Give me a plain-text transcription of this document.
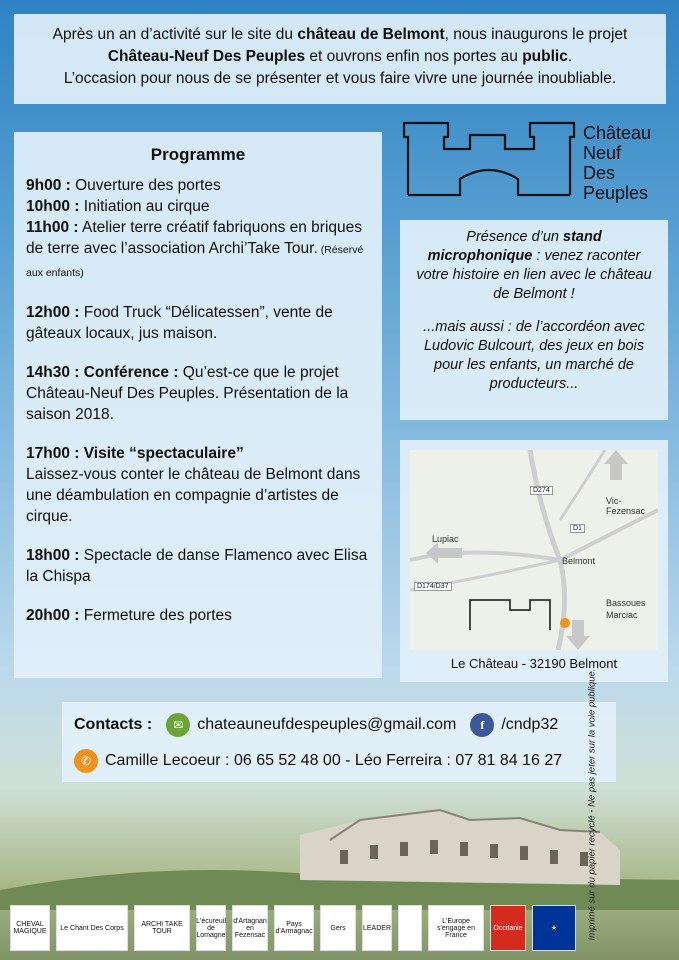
Après un an d’activité sur le site du château de Belmont, nous inaugurons le projet
Château-Neuf Des Peuples et ouvrons enfin nos portes au public.
L’occasion pour nous de se présenter et vous faire vivre une journée inoubliable.
Programme
9h00 : Ouverture des portes
10h00 : Initiation au cirque
11h00 : Atelier terre créatif fabriquons en briques de terre avec l’association Archi’Take Tour. (Réservé aux enfants)
12h00 : Food Truck “Délicatessen”, vente de gâteaux locaux, jus maison.
14h30 : Conférence : Qu’est-ce que le projet Château-Neuf Des Peuples. Présentation de la saison 2018.
17h00 : Visite “spectaculaire”
Laissez-vous conter le château de Belmont dans une déambulation en compagnie d’artistes de cirque.
18h00 : Spectacle de danse Flamenco avec Elisa la Chispa
20h00 : Fermeture des portes
Château
Neuf
Des
Peuples

Présence d’un stand microphonique : venez raconter votre histoire en lien avec le château de Belmont !

...mais aussi : de l’accordéon avec Ludovic Bulcourt, des jeux en bois pour les enfants, un marché de producteurs...

D274
Vic-Fezensac
D1
Lupiac
Belmont
D174/D37
Bassoues
Marciac
Le Château - 32190 Belmont
Contacts :	✉ chateauneufdespeuples@gmail.com	f	/cndp32
✆ Camille Lecoeur : 06 65 52 48 00 - Léo Ferreira : 07 81 84 16 27	Imprimé sur du papier recyclé - Ne pas jeter sur la voie publique.
CHEVAL MAGIQUE	Le Chant Des Corps	ARCHI TAKE TOUR
L'écureuil de Lomagne
d'Artagnan en Fezensac
Pays d'Armagnac	Gers	LEADER
L'Europe s'engage en France
Occitanie	★
